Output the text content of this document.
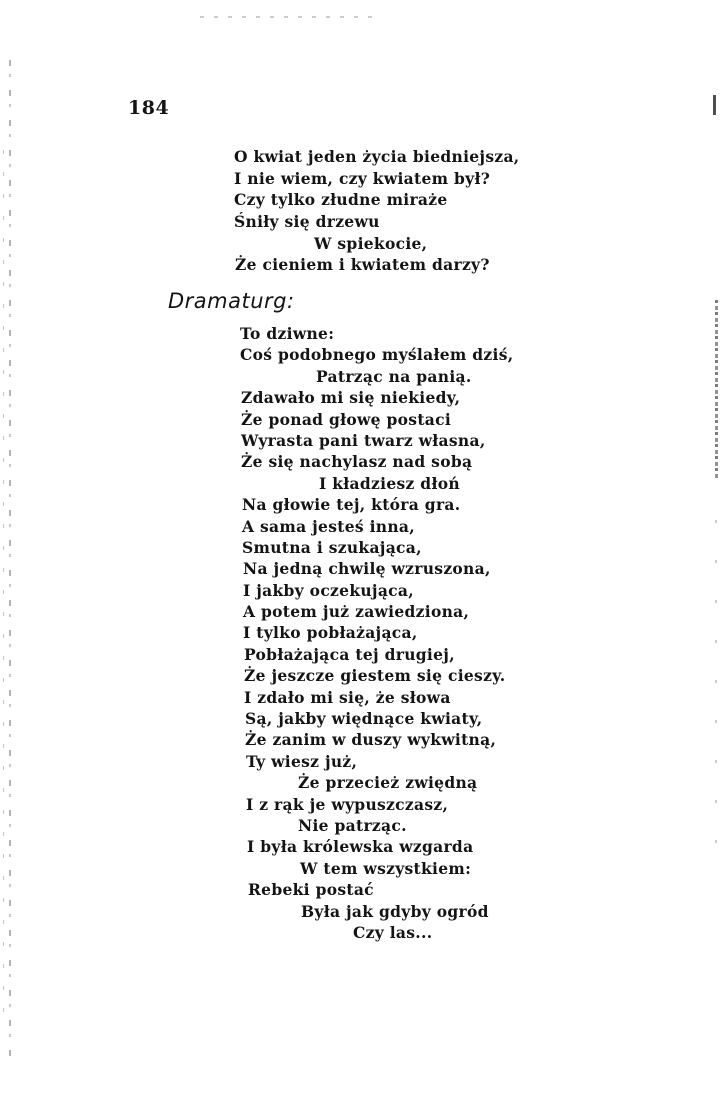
184
O kwiat jeden życia biedniejsza,
I nie wiem, czy kwiatem był?
Czy tylko złudne miraże
Śniły się drzewu
W spiekocie,
Że cieniem i kwiatem darzy?
Dramaturg:
To dziwne:
Coś podobnego myślałem dziś,
Patrząc na panią.
Zdawało mi się niekiedy,
Że ponad głowę postaci
Wyrasta pani twarz własna,
Że się nachylasz nad sobą
I kładziesz dłoń
Na głowie tej, która gra.
A sama jesteś inna,
Smutna i szukająca,
Na jedną chwilę wzruszona,
I jakby oczekująca,
A potem już zawiedziona,
I tylko pobłażająca,
Pobłażająca tej drugiej,
Że jeszcze giestem się cieszy.
I zdało mi się, że słowa
Są, jakby więdnące kwiaty,
Że zanim w duszy wykwitną,
Ty wiesz już,
Że przecież zwiędną
I z rąk je wypuszczasz,
Nie patrząc.
I była królewska wzgarda
W tem wszystkiem:
Rebeki postać
Była jak gdyby ogród
Czy las...
